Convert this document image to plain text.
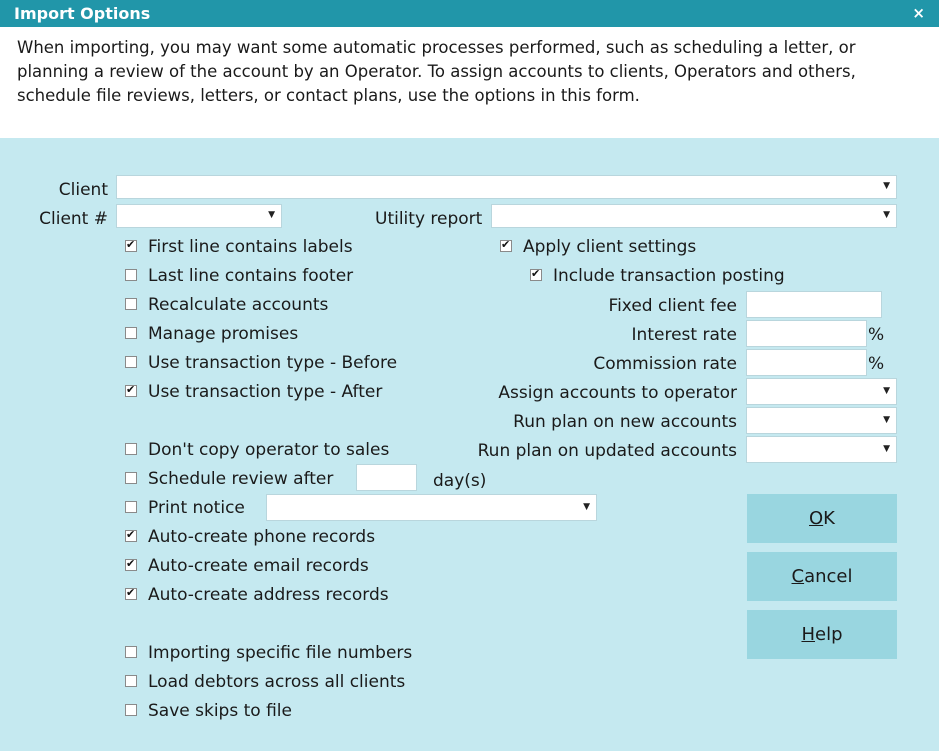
Import Options	×

When importing, you may want some automatic processes performed, such as scheduling a letter, or planning a review of the account by an Operator. To assign accounts to clients, Operators and others, schedule file reviews, letters, or contact plans, use the options in this form.

Client	▼
Client #	▼	Utility report	▼
✔
First line contains labels
Last line contains footer
Recalculate accounts
Manage promises
Use transaction type - Before
✔
Use transaction type - After
Don't copy operator to sales
Schedule review after	day(s)
Print notice	▼
✔
Auto-create phone records
✔
Auto-create email records
✔
Auto-create address records
Importing specific file numbers
Load debtors across all clients
Save skips to file
✔
Apply client settings
✔
Include transaction posting
Fixed client fee
Interest rate	%
Commission rate	%
Assign accounts to operator	▼
Run plan on new accounts	▼
Run plan on updated accounts	▼
OK
Cancel
Help
